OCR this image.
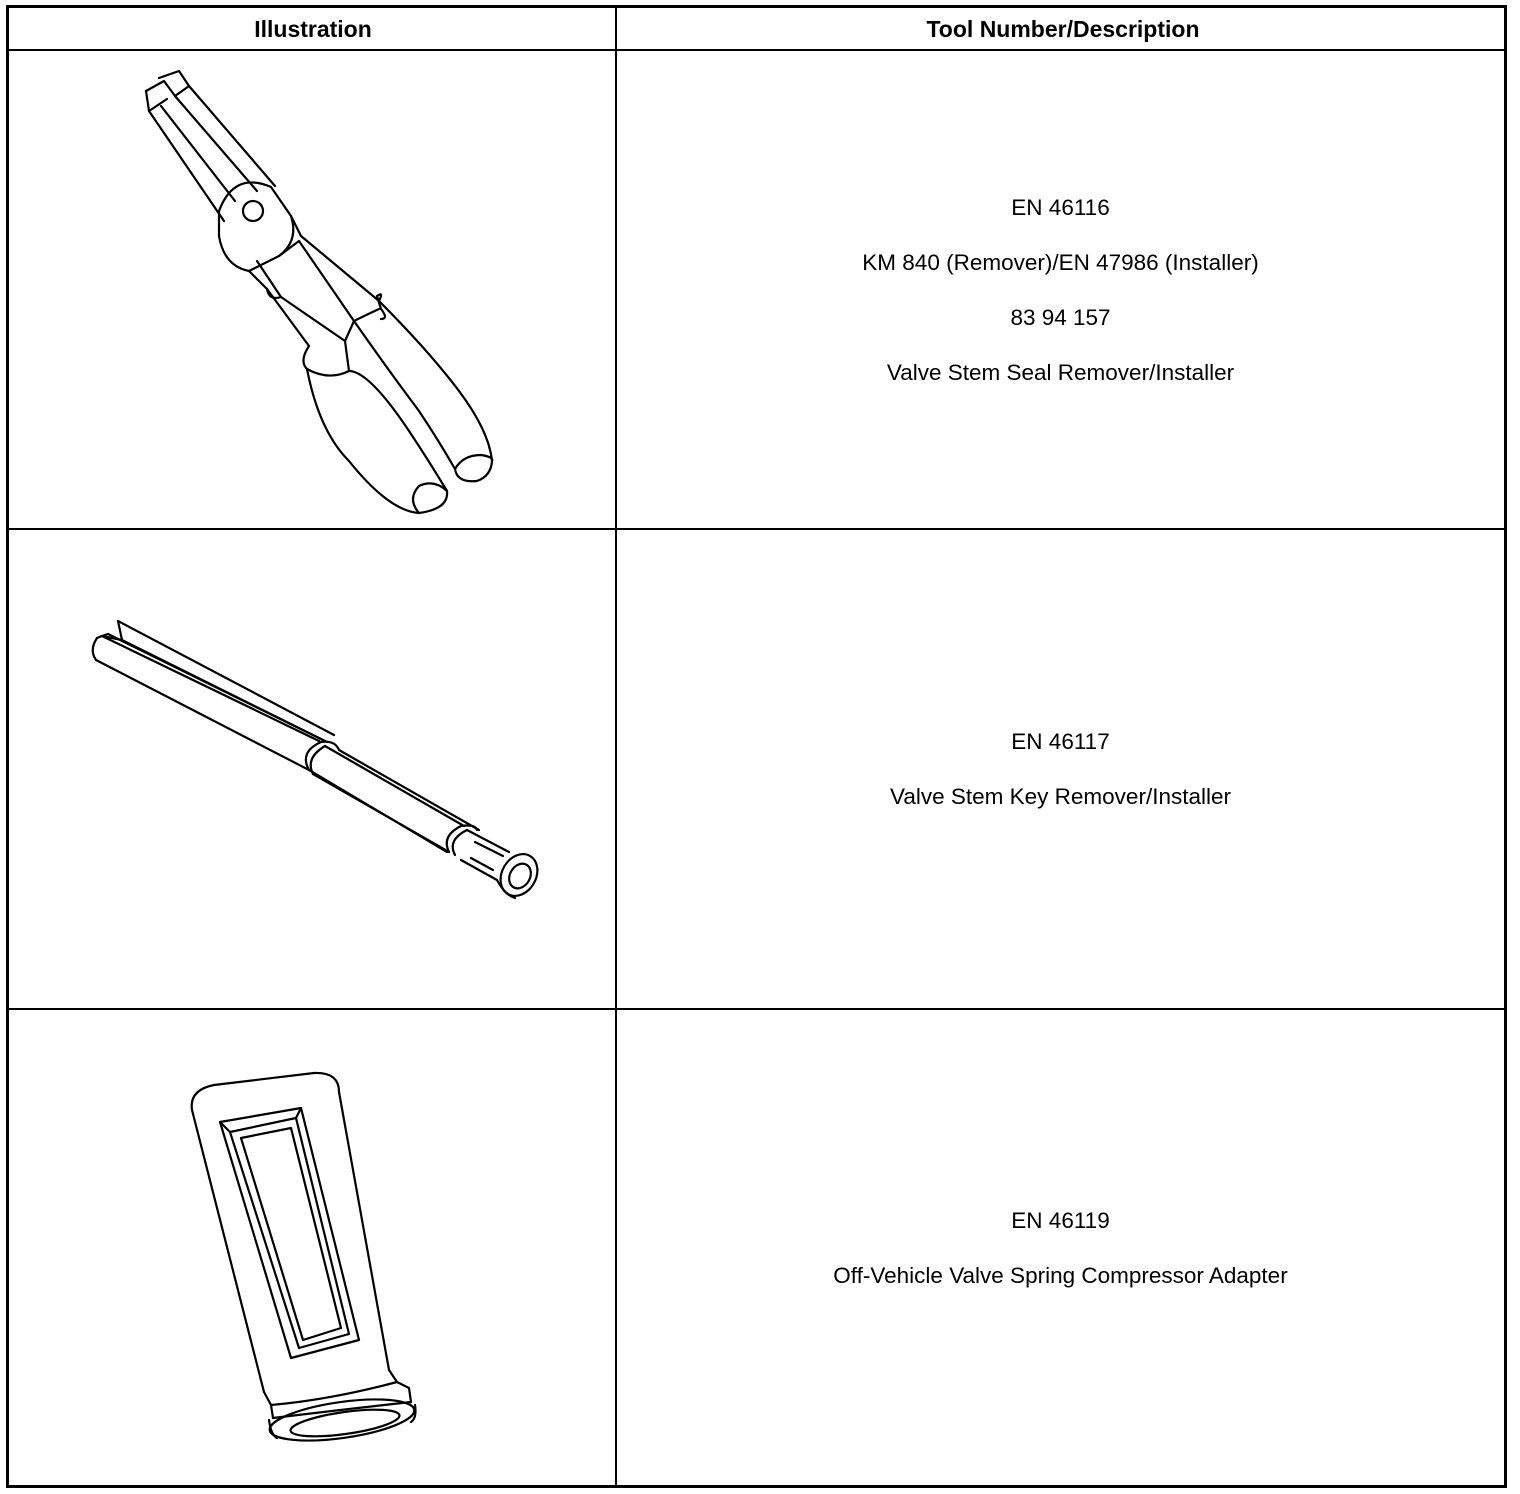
Illustration	Tool Number/Description

EN 46116

KM 840 (Remover)/EN 47986 (Installer)

83 94 157

Valve Stem Seal Remover/Installer

EN 46117

Valve Stem Key Remover/Installer

EN 46119

Off-Vehicle Valve Spring Compressor Adapter
